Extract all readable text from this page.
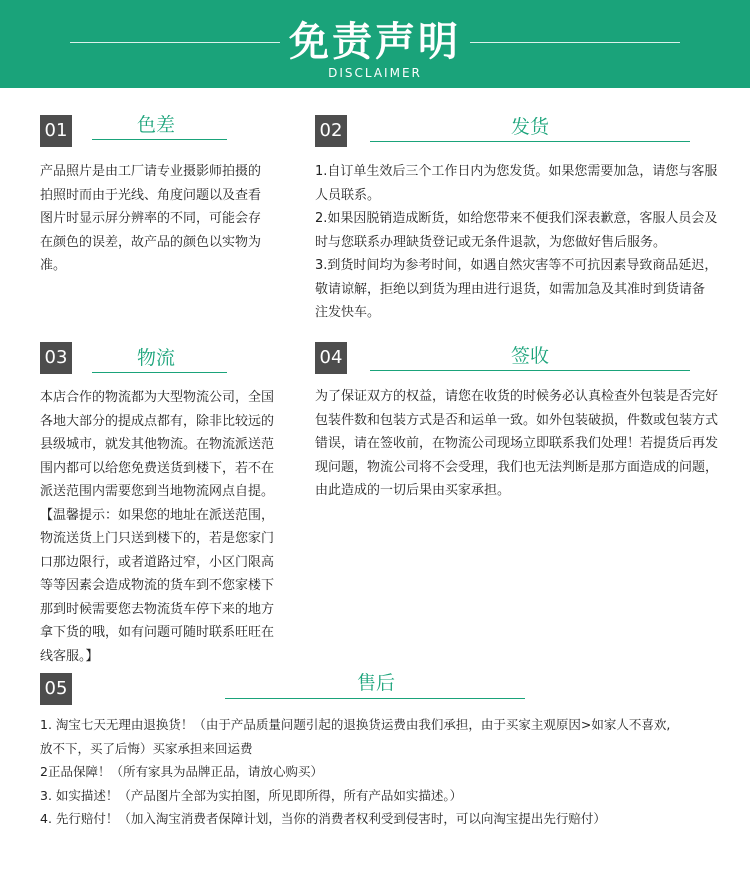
免责声明
DISCLAIMER
01	色差
产品照片是由工厂请专业摄影师拍摄的
拍照时而由于光线、角度问题以及查看
图片时显示屏分辨率的不同，可能会存
在颜色的误差，故产品的颜色以实物为
准。
02	发货
1.自订单生效后三个工作日内为您发货。如果您需要加急，请您与客服
人员联系。
2.如果因脱销造成断货，如给您带来不便我们深表歉意，客服人员会及
时与您联系办理缺货登记或无条件退款，为您做好售后服务。
3.到货时间均为参考时间，如遇自然灾害等不可抗因素导致商品延迟，
敬请谅解，拒绝以到货为理由进行退货，如需加急及其准时到货请备
注发快车。
03	物流
本店合作的物流都为大型物流公司，全国
各地大部分的提成点都有，除非比较远的
县级城市，就发其他物流。在物流派送范
围内都可以给您免费送货到楼下，若不在
派送范围内需要您到当地物流网点自提。
【温馨提示：如果您的地址在派送范围，
物流送货上门只送到楼下的，若是您家门
口那边限行，或者道路过窄，小区门限高
等等因素会造成物流的货车到不您家楼下
那到时候需要您去物流货车停下来的地方
拿下货的哦，如有问题可随时联系旺旺在
线客服。】
04	签收
为了保证双方的权益，请您在收货的时候务必认真检查外包装是否完好
包装件数和包装方式是否和运单一致。如外包装破损，件数或包装方式
错误，请在签收前，在物流公司现场立即联系我们处理！若提货后再发
现问题，物流公司将不会受理，我们也无法判断是那方面造成的问题，
由此造成的一切后果由买家承担。
05	售后
1. 淘宝七天无理由退换货！（由于产品质量问题引起的退换货运费由我们承担，由于买家主观原因>如家人不喜欢,
放不下，买了后悔）买家承担来回运费
2正品保障！（所有家具为品牌正品，请放心购买）
3. 如实描述！（产品图片全部为实拍图，所见即所得，所有产品如实描述。）
4. 先行赔付！（加入淘宝消费者保障计划，当你的消费者权利受到侵害时，可以向淘宝提出先行赔付）
